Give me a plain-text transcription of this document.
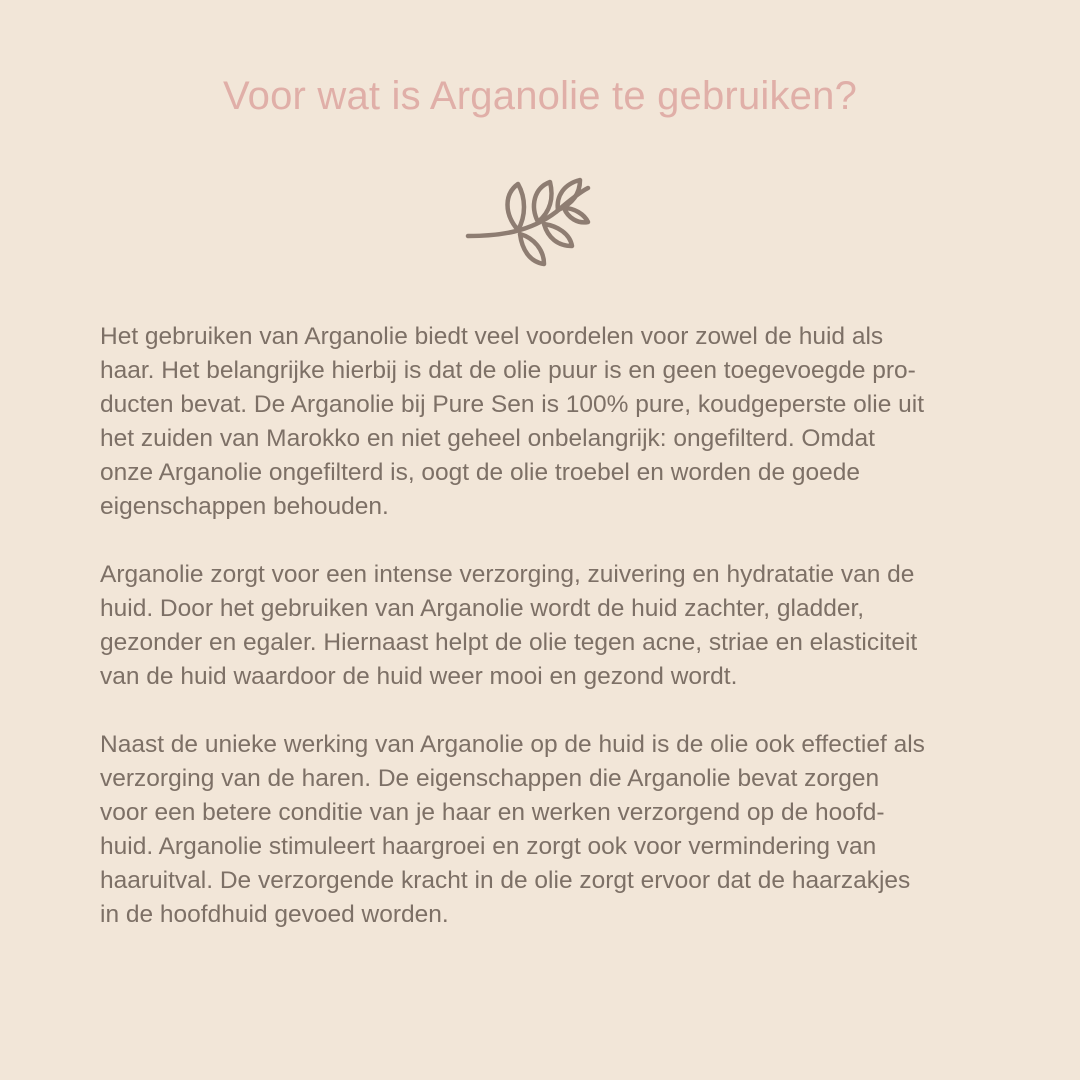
Voor wat is Arganolie te gebruiken?

Het gebruiken van Arganolie biedt veel voordelen voor zowel de huid als
haar. Het belangrijke hierbij is dat de olie puur is en geen toegevoegde pro-
ducten bevat. De Arganolie bij Pure Sen is 100% pure, koudgeperste olie uit
het zuiden van Marokko en niet geheel onbelangrijk: ongefilterd. Omdat
onze Arganolie ongefilterd is, oogt de olie troebel en worden de goede
eigenschappen behouden.

Arganolie zorgt voor een intense verzorging, zuivering en hydratatie van de
huid. Door het gebruiken van Arganolie wordt de huid zachter, gladder,
gezonder en egaler. Hiernaast helpt de olie tegen acne, striae en elasticiteit
van de huid waardoor de huid weer mooi en gezond wordt.

Naast de unieke werking van Arganolie op de huid is de olie ook effectief als
verzorging van de haren. De eigenschappen die Arganolie bevat zorgen
voor een betere conditie van je haar en werken verzorgend op de hoofd-
huid. Arganolie stimuleert haargroei en zorgt ook voor vermindering van
haaruitval. De verzorgende kracht in de olie zorgt ervoor dat de haarzakjes
in de hoofdhuid gevoed worden.
